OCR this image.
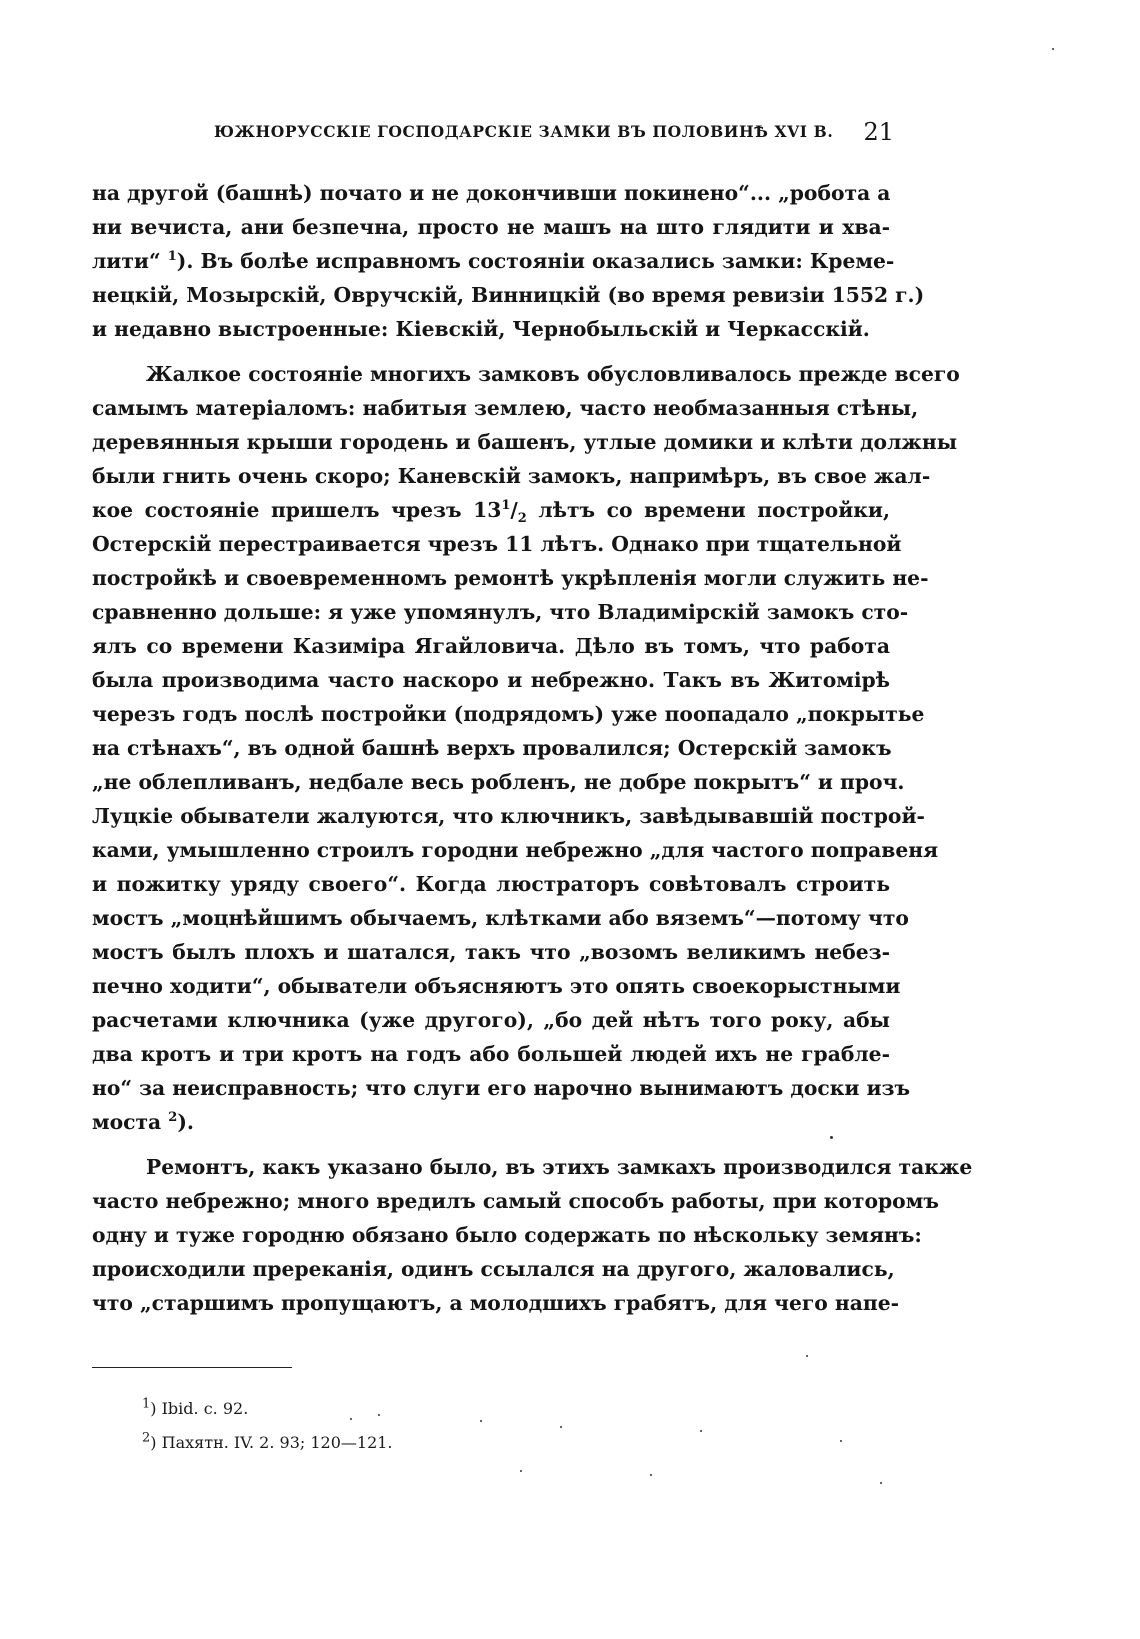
ЮЖНОРУССКІЕ ГОСПОДАРСКІЕ ЗАМКИ ВЪ ПОЛОВИНѢ XVI В. 21
на другой (башнѣ) почато и не докончивши покинено“... „робота а
ни вечиста, ани безпечна, просто не машъ на што глядити и хва-
лити“ $^1$). Въ болѣе исправномъ состояніи оказались замки: Креме-
нецкій, Мозырскій, Овручскій, Винницкій (во время ревизіи 1552 г.)
и недавно выстроенные: Кіевскій, Чернобыльскій и Черкасскій.
Жалкое состояніе многихъ замковъ обусловливалось прежде всего
самымъ матеріаломъ: набитыя землею, часто необмазанныя стѣны,
деревянныя крыши городень и башенъ, утлые домики и клѣти должны
были гнить очень скоро; Каневскій замокъ, напримѣръ, въ свое жал-
кое состояніе пришелъ чрезъ $13^1/_2$ лѣтъ со времени постройки,
Остерскій перестраивается чрезъ 11 лѣтъ. Однако при тщательной
постройкѣ и своевременномъ ремонтѣ укрѣпленія могли служить не-
сравненно дольше: я уже упомянулъ, что Владимірскій замокъ сто-
ялъ со времени Казиміра Ягайловича. Дѣло въ томъ, что работа
была производима часто наскоро и небрежно. Такъ въ Житомірѣ
черезъ годъ послѣ постройки (подрядомъ) уже поопадало „покрытье
на стѣнахъ“, въ одной башнѣ верхъ провалился; Остерскій замокъ
„не облепливанъ, недбале весь робленъ, не добре покрытъ“ и проч.
Луцкіе обыватели жалуются, что ключникъ, завѣдывавшій построй-
ками, умышленно строилъ городни небрежно „для частого поправеня
и пожитку уряду своего“. Когда люстраторъ совѣтовалъ строить
мостъ „моцнѣйшимъ обычаемъ, клѣтками або вяземъ“—потому что
мостъ былъ плохъ и шатался, такъ что „возомъ великимъ небез-
печно ходити“, обыватели объясняютъ это опять своекорыстными
расчетами ключника (уже другого), „бо дей нѣтъ того року, абы
два кротъ и три кротъ на годъ або большей людей ихъ не грабле-
но“ за неисправность; что слуги его нарочно вынимаютъ доски изъ
моста $^2$).
Ремонтъ, какъ указано было, въ этихъ замкахъ производился также
часто небрежно; много вредилъ самый способъ работы, при которомъ
одну и туже городню обязано было содержать по нѣскольку земянъ:
происходили пререканія, одинъ ссылался на другого, жаловались,
что „старшимъ пропущаютъ, а молодшихъ грабятъ, для чего напе-
$^1$) Ibid. c. 92.
$^2$) Пахятн. IV. 2. 93; 120—121.
